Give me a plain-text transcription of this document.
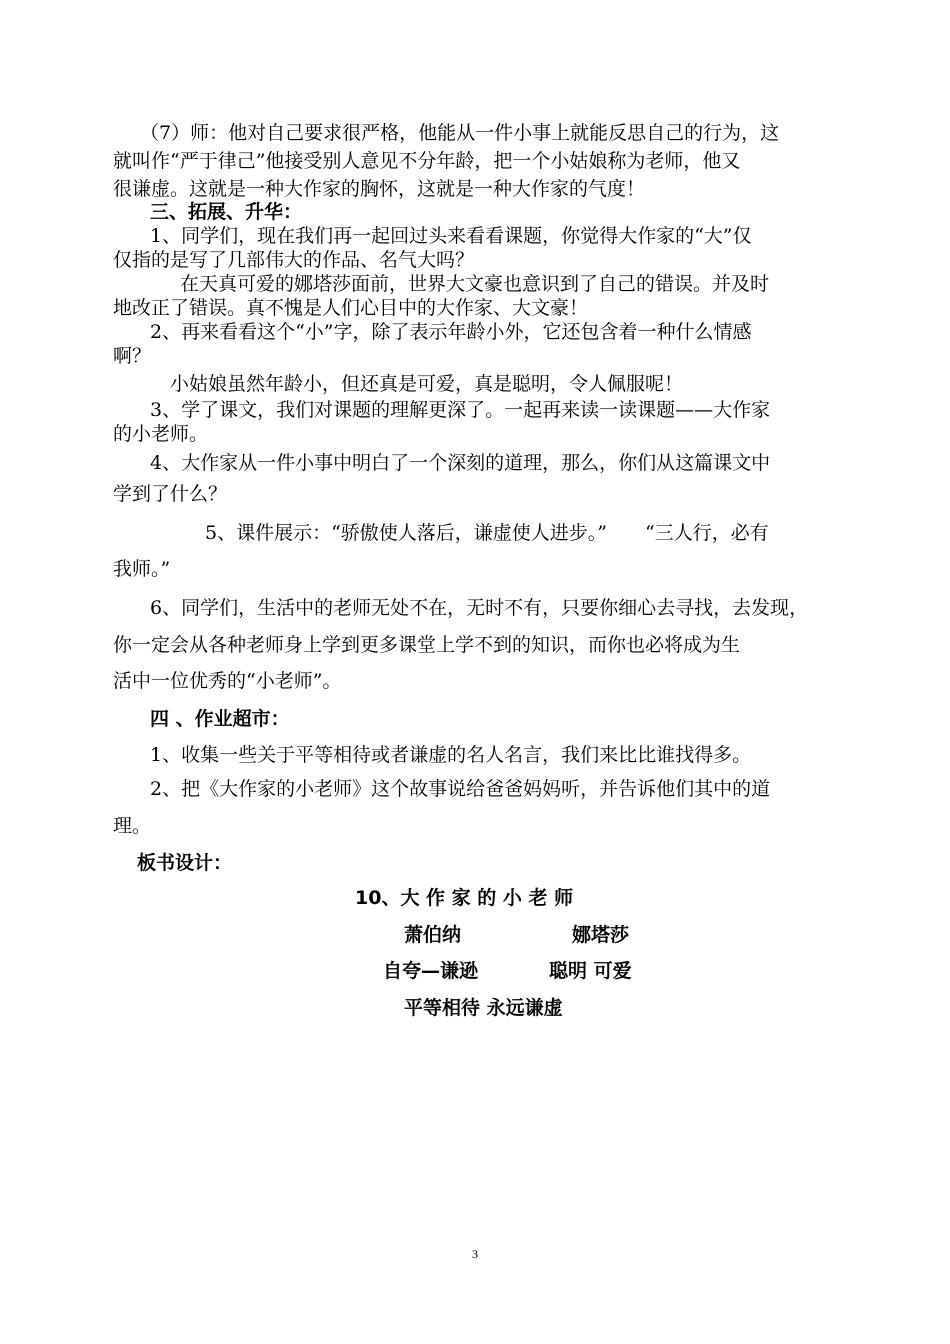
（7）师：他对自己要求很严格，他能从一件小事上就能反思自己的行为，这
就叫作“严于律己”他接受别人意见不分年龄，把一个小姑娘称为老师，他又
很谦虚。这就是一种大作家的胸怀，这就是一种大作家的气度！
三、拓展、升华：
1、同学们，现在我们再一起回过头来看看课题，你觉得大作家的“大”仅
仅指的是写了几部伟大的作品、名气大吗？
在天真可爱的娜塔莎面前，世界大文豪也意识到了自己的错误。并及时
地改正了错误。真不愧是人们心目中的大作家、大文豪！
2、再来看看这个“小”字，除了表示年龄小外，它还包含着一种什么情感
啊？
小姑娘虽然年龄小，但还真是可爱，真是聪明，令人佩服呢！
3、学了课文，我们对课题的理解更深了。一起再来读一读课题——大作家
的小老师。
4、大作家从一件小事中明白了一个深刻的道理，那么，你们从这篇课文中
学到了什么？
5、课件展示：“骄傲使人落后，谦虚使人进步。”　　“三人行，必有
我师。”
6、同学们，生活中的老师无处不在，无时不有，只要你细心去寻找，去发现，
你一定会从各种老师身上学到更多课堂上学不到的知识，而你也必将成为生
活中一位优秀的“小老师”。
四 、作业超市：
1、收集一些关于平等相待或者谦虚的名人名言，我们来比比谁找得多。
2、把《大作家的小老师》这个故事说给爸爸妈妈听，并告诉他们其中的道
理。
板书设计：
10、大 作 家 的 小 老 师
萧伯纳	娜塔莎
自夸—谦逊	聪明 可爱
平等相待 永远谦虚
3
